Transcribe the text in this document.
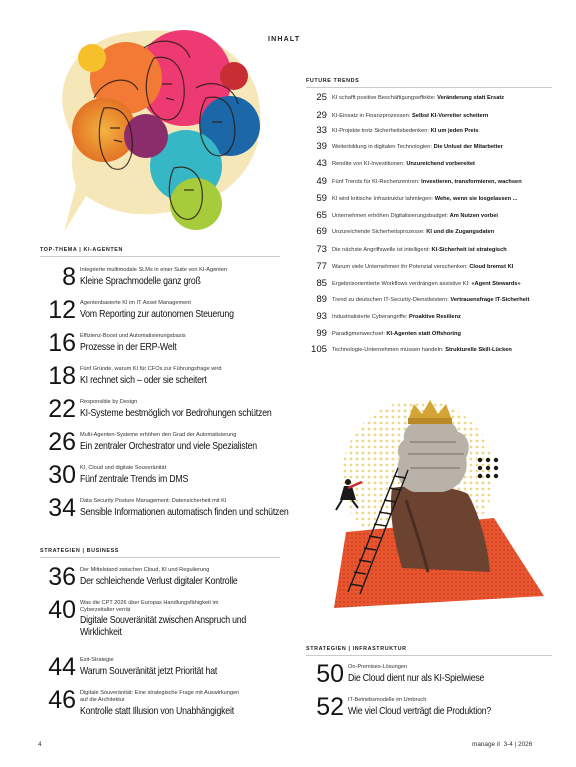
INHALT
TOP-THEMA | KI-AGENTEN
8 Integrierte multimodale SLMs in einer Suite von KI-Agenten
Kleine Sprachmodelle ganz groß
12 Agentenbasierte KI im IT Asset Management
Vom Reporting zur autonomen Steuerung
16 Effizienz-Boost und Automatisierungsbasis
Prozesse in der ERP-Welt
18 Fünf Gründe, warum KI für CFOs zur Führungsfrage wird
KI rechnet sich – oder sie scheitert
22 Responsible by Design
KI-Systeme bestmöglich vor Bedrohungen schützen
26 Multi-Agenten-Systeme erhöhen den Grad der Automatisierung
Ein zentraler Orchestrator und viele Spezialisten
30 KI, Cloud und digitale Souveränität
Fünf zentrale Trends im DMS
34 Data Security Posture Management: Datensicherheit mit KI
Sensible Informationen automatisch finden und schützen
STRATEGIEN | BUSINESS
36 Der Mittelstand zwischen Cloud, KI und Regulierung
Der schleichende Verlust digitaler Kontrolle
40 Was die CPT 2026 über Europas Handlungsfähigkeit im Cyberzeitalter verrät
Digitale Souveränität zwischen Anspruch und Wirklichkeit
44 Exit-Strategie
Warum Souveränität jetzt Priorität hat
46 Digitale Souveränität: Eine strategische Frage mit Auswirkungen auf die Architektur
Kontrolle statt Illusion von Unabhängigkeit
FUTURE TRENDS
25 KI schafft positive Beschäftigungseffekte: Veränderung statt Ersatz
29 KI-Einsatz in Finanzprozessen: Selbst KI-Vorreiter scheitern
33 KI-Projekte trotz Sicherheitsbedenken: KI um jeden Preis
39 Weiterbildung in digitalen Technologien: Die Unlust der Mitarbeiter
43 Rendite von KI-Investitionen: Unzureichend vorbereitet
49 Fünf Trends für KI-Rechenzentren: Investieren, transformieren, wachsen
59 KI wird kritische Infrastruktur lahmlegen: Wehe, wenn sie losgelassen ...
65 Unternehmen erhöhen Digitalisierungsbudget: Am Nutzen vorbei
69 Unzureichende Sicherheitsprozesse: KI und die Zugangsdaten
73 Die nächste Angriffswelle ist intelligent: KI-Sicherheit ist strategisch
77 Warum viele Unternehmen ihr Potenzial verschenken: Cloud bremst KI
85 Ergebnisorientierte Workflows verdrängen assistive KI: «Agent Stewards»
89 Trend zu deutschen IT-Security-Dienstleistern: Vertrauensfrage IT-Sicherheit
93 Industrialisierte Cyberangriffe: Proaktive Resilienz
99 Paradigmenwechsel: KI-Agenten statt Offshoring
105 Technologie-Unternehmen müssen handeln: Strukturelle Skill-Lücken
STRATEGIEN | INFRASTRUKTUR
50 On-Premises-Lösungen
Die Cloud dient nur als KI-Spielwiese
52 IT-Betriebsmodelle im Umbruch
Wie viel Cloud verträgt die Produktion?
4	manage it  3-4 | 2026
